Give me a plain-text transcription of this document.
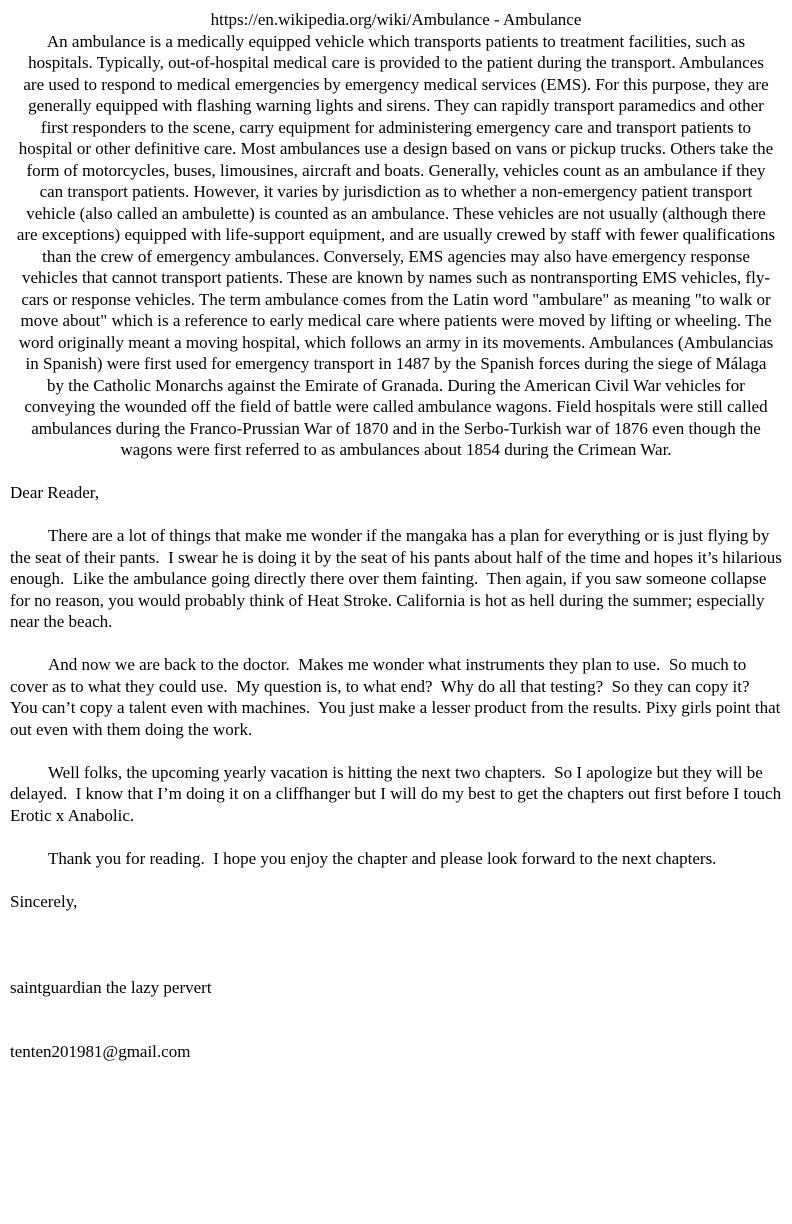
https://en.wikipedia.org/wiki/Ambulance - Ambulance
An ambulance is a medically equipped vehicle which transports patients to treatment facilities, such as hospitals. Typically, out-of-hospital medical care is provided to the patient during the transport. Ambulances are used to respond to medical emergencies by emergency medical services (EMS). For this purpose, they are generally equipped with flashing warning lights and sirens. They can rapidly transport paramedics and other first responders to the scene, carry equipment for administering emergency care and transport patients to hospital or other definitive care. Most ambulances use a design based on vans or pickup trucks. Others take the form of motorcycles, buses, limousines, aircraft and boats. Generally, vehicles count as an ambulance if they can transport patients. However, it varies by jurisdiction as to whether a non-emergency patient transport vehicle (also called an ambulette) is counted as an ambulance. These vehicles are not usually (although there are exceptions) equipped with life-support equipment, and are usually crewed by staff with fewer qualifications than the crew of emergency ambulances. Conversely, EMS agencies may also have emergency response vehicles that cannot transport patients. These are known by names such as nontransporting EMS vehicles, fly-cars or response vehicles. The term ambulance comes from the Latin word "ambulare" as meaning "to walk or move about" which is a reference to early medical care where patients were moved by lifting or wheeling. The word originally meant a moving hospital, which follows an army in its movements. Ambulances (Ambulancias in Spanish) were first used for emergency transport in 1487 by the Spanish forces during the siege of Málaga by the Catholic Monarchs against the Emirate of Granada. During the American Civil War vehicles for conveying the wounded off the field of battle were called ambulance wagons. Field hospitals were still called ambulances during the Franco-Prussian War of 1870 and in the Serbo-Turkish war of 1876 even though the wagons were first referred to as ambulances about 1854 during the Crimean War.
Dear Reader,

There are a lot of things that make me wonder if the mangaka has a plan for everything or is just flying by the seat of their pants.  I swear he is doing it by the seat of his pants about half of the time and hopes it’s hilarious enough.  Like the ambulance going directly there over them fainting.  Then again, if you saw someone collapse for no reason, you would probably think of Heat Stroke. California is hot as hell during the summer; especially near the beach.

And now we are back to the doctor.  Makes me wonder what instruments they plan to use.  So much to cover as to what they could use.  My question is, to what end?  Why do all that testing?  So they can copy it?  You can’t copy a talent even with machines.  You just make a lesser product from the results. Pixy girls point that out even with them doing the work.

Well folks, the upcoming yearly vacation is hitting the next two chapters.  So I apologize but they will be delayed.  I know that I’m doing it on a cliffhanger but I will do my best to get the chapters out first before I touch Erotic x Anabolic.

Thank you for reading.  I hope you enjoy the chapter and please look forward to the next chapters.

Sincerely,

saintguardian the lazy pervert

tenten201981@gmail.com
